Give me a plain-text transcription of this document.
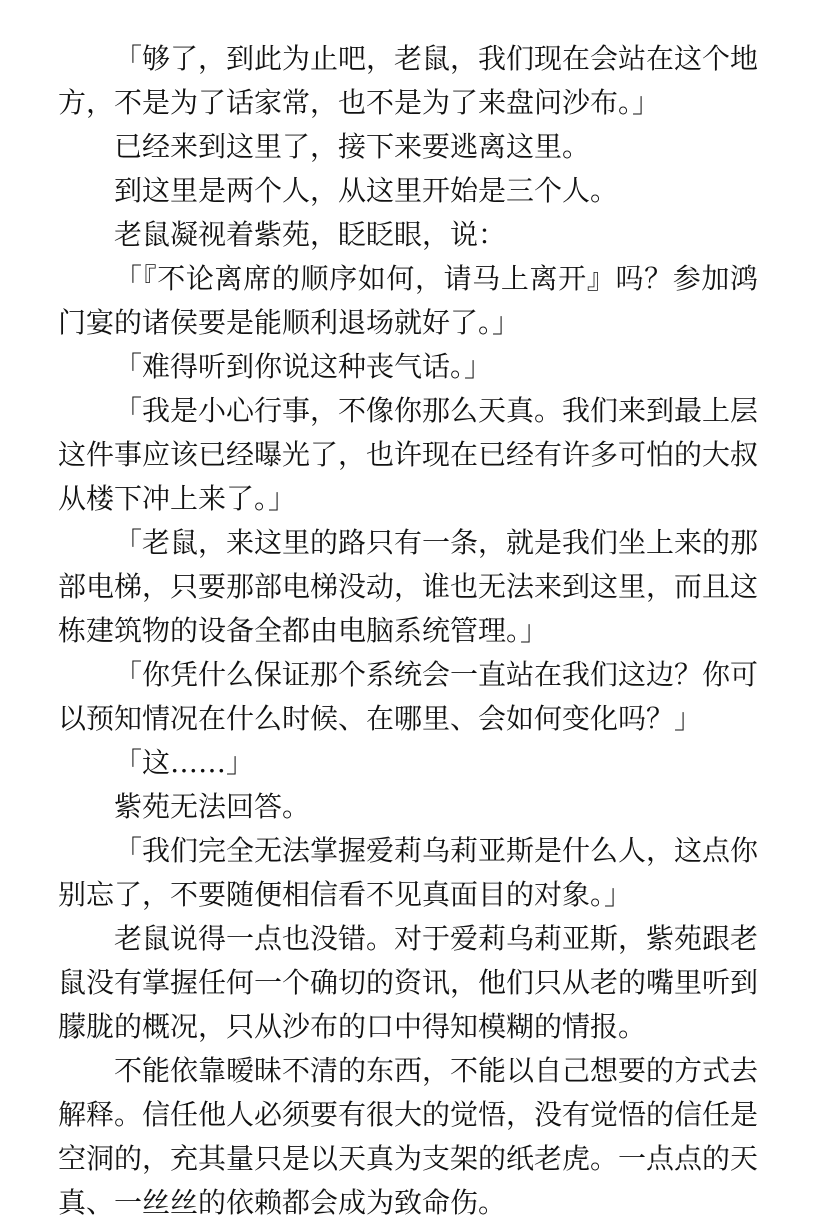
「够了，到此为止吧，老鼠，我们现在会站在这个地方，不是为了话家常，也不是为了来盘问沙布。」

已经来到这里了，接下来要逃离这里。

到这里是两个人，从这里开始是三个人。

老鼠凝视着紫苑，眨眨眼，说：

「『不论离席的顺序如何，请马上离开』吗？参加鸿门宴的诸侯要是能顺利退场就好了。」

「难得听到你说这种丧气话。」

「我是小心行事，不像你那么天真。我们来到最上层这件事应该已经曝光了，也许现在已经有许多可怕的大叔从楼下冲上来了。」

「老鼠，来这里的路只有一条，就是我们坐上来的那部电梯，只要那部电梯没动，谁也无法来到这里，而且这栋建筑物的设备全都由电脑系统管理。」

「你凭什么保证那个系统会一直站在我们这边？你可以预知情况在什么时候、在哪里、会如何变化吗？」

「这……」

紫苑无法回答。

「我们完全无法掌握爱莉乌莉亚斯是什么人，这点你别忘了，不要随便相信看不见真面目的对象。」

老鼠说得一点也没错。对于爱莉乌莉亚斯，紫苑跟老鼠没有掌握任何一个确切的资讯，他们只从老的嘴里听到朦胧的概况，只从沙布的口中得知模糊的情报。

不能依靠暧昧不清的东西，不能以自己想要的方式去解释。信任他人必须要有很大的觉悟，没有觉悟的信任是空洞的，充其量只是以天真为支架的纸老虎。一点点的天真、一丝丝的依赖都会成为致命伤。
